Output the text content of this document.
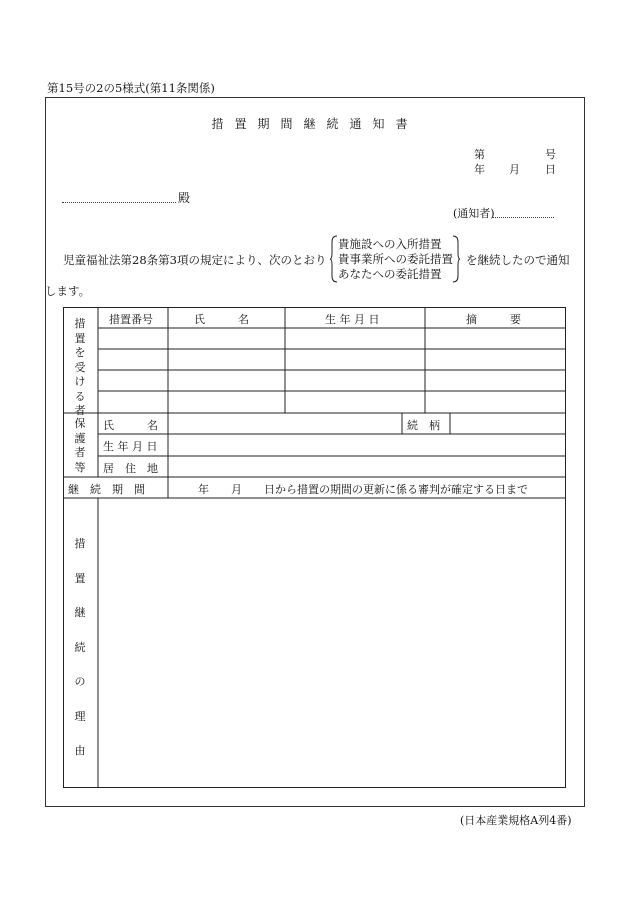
第15号の2の5様式(第11条関係)
措置期間継続通知書
第	号
年 月 日
殿
(通知者)
児童福祉法第28条第3項の規定により、次のとおり
貴施設への入所措置
貴事業所への委託措置
あなたへの委託措置
を継続したので通知
します。
措置を受ける者
措置番号	氏　　　名	生 年 月 日	摘　　　要
保護者等
氏　　　名	続　柄
生 年 月 日
居　住　地
継　続　期　間	年　　月　　日から措置の期間の更新に係る審判が確定する日まで
措置継続の理由
(日本産業規格A列4番)
